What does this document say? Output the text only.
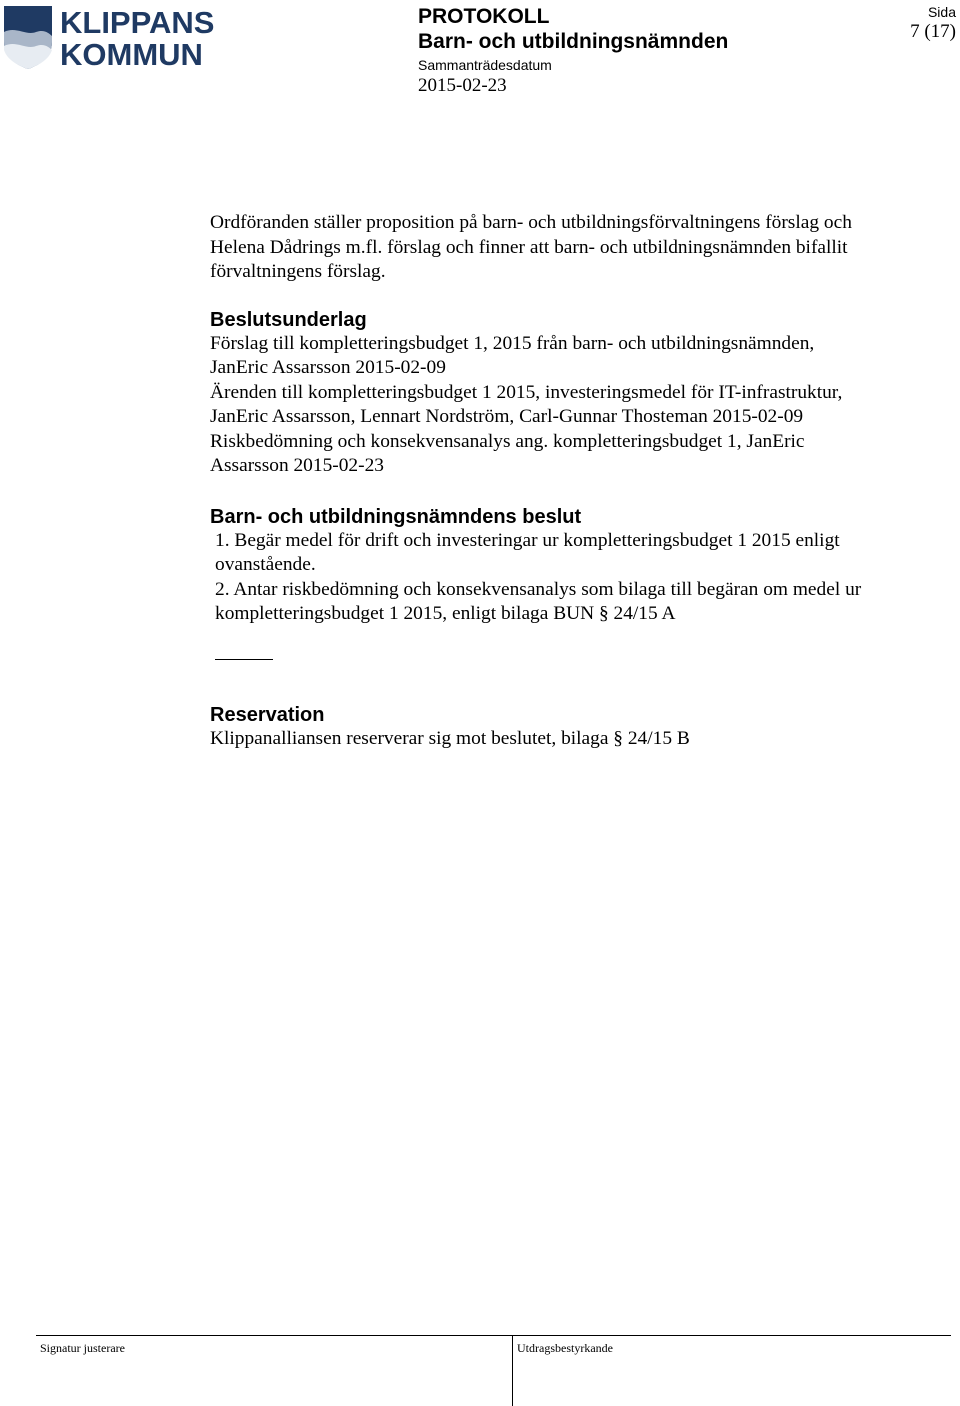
KLIPPANS
KOMMUN
PROTOKOLL
Barn- och utbildningsnämnden
Sammanträdesdatum
2015-02-23
Sida
7 (17)

Ordföranden ställer proposition på barn- och utbildningsförvaltningens förslag och

Helena Dådrings m.fl. förslag och finner att barn- och utbildningsnämnden bifallit

förvaltningens förslag.

Beslutsunderlag

Förslag till kompletteringsbudget 1, 2015 från barn- och utbildningsnämnden,

JanEric Assarsson 2015-02-09

Ärenden till kompletteringsbudget 1 2015, investeringsmedel för IT-infrastruktur,

JanEric Assarsson, Lennart Nordström, Carl-Gunnar Thosteman 2015-02-09

Riskbedömning och konsekvensanalys ang. kompletteringsbudget 1, JanEric

Assarsson 2015-02-23

Barn- och utbildningsnämndens beslut

1. Begär medel för drift och investeringar ur kompletteringsbudget 1 2015 enligt

ovanstående.

2. Antar riskbedömning och konsekvensanalys som bilaga till begäran om medel ur

kompletteringsbudget 1 2015, enligt bilaga BUN § 24/15 A

Reservation

Klippanalliansen reserverar sig mot beslutet, bilaga § 24/15 B

Signatur justerare	Utdragsbestyrkande
